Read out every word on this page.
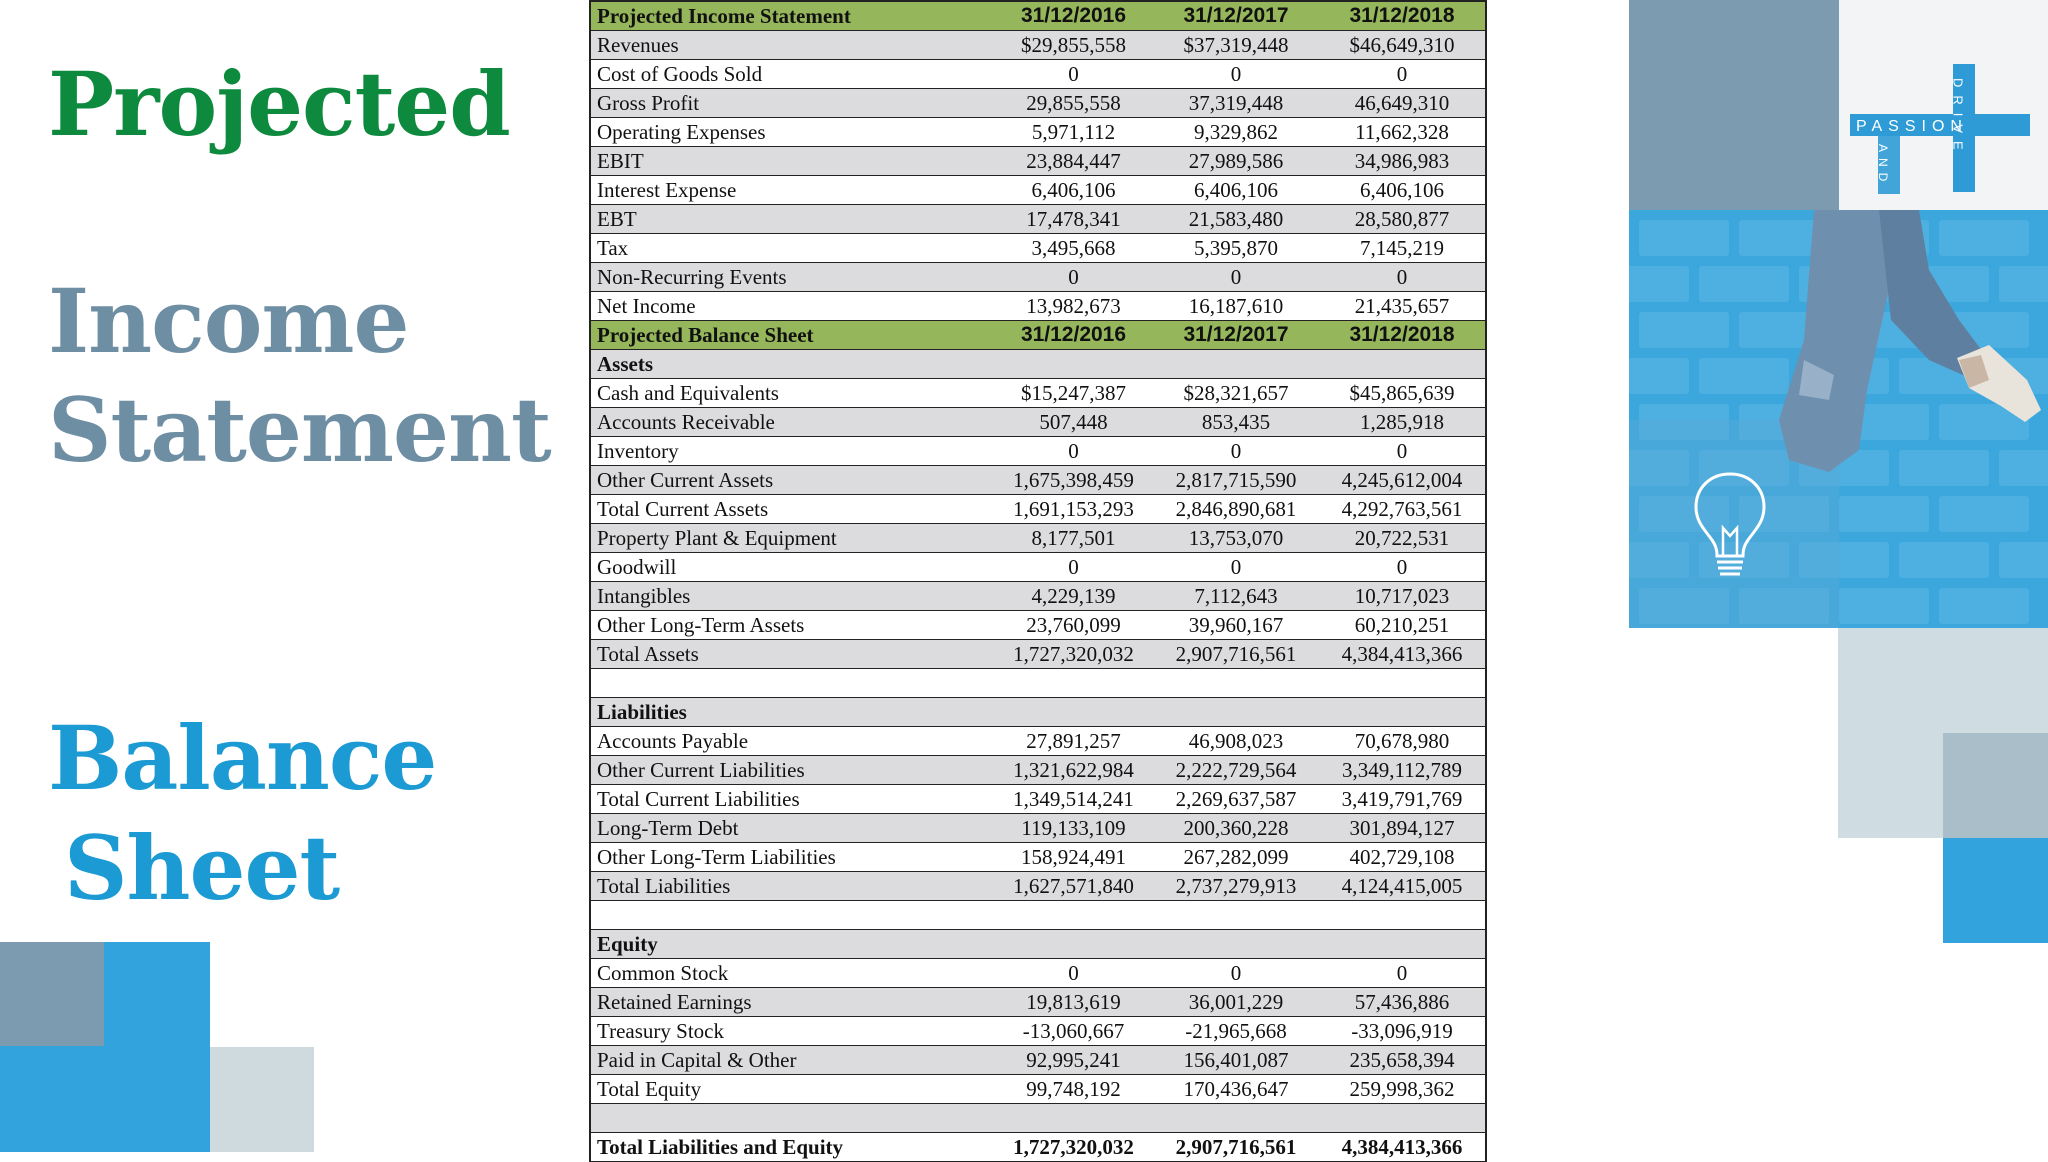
Projected
Income
Statement
Balance
Sheet
PASSION
DRIVE
AND
Projected Income Statement	31/12/2016	31/12/2017	31/12/2018
Revenues	$29,855,558	$37,319,448	$46,649,310
Cost of Goods Sold	0	0	0
Gross Profit	29,855,558	37,319,448	46,649,310
Operating Expenses	5,971,112	9,329,862	11,662,328
EBIT	23,884,447	27,989,586	34,986,983
Interest Expense	6,406,106	6,406,106	6,406,106
EBT	17,478,341	21,583,480	28,580,877
Tax	3,495,668	5,395,870	7,145,219
Non-Recurring Events	0	0	0
Net Income	13,982,673	16,187,610	21,435,657
Projected Balance Sheet	31/12/2016	31/12/2017	31/12/2018
Assets			
Cash and Equivalents	$15,247,387	$28,321,657	$45,865,639
Accounts Receivable	507,448	853,435	1,285,918
Inventory	0	0	0
Other Current Assets	1,675,398,459	2,817,715,590	4,245,612,004
Total Current Assets	1,691,153,293	2,846,890,681	4,292,763,561
Property Plant & Equipment	8,177,501	13,753,070	20,722,531
Goodwill	0	0	0
Intangibles	4,229,139	7,112,643	10,717,023
Other Long-Term Assets	23,760,099	39,960,167	60,210,251
Total Assets	1,727,320,032	2,907,716,561	4,384,413,366

Liabilities			
Accounts Payable	27,891,257	46,908,023	70,678,980
Other Current Liabilities	1,321,622,984	2,222,729,564	3,349,112,789
Total Current Liabilities	1,349,514,241	2,269,637,587	3,419,791,769
Long-Term Debt	119,133,109	200,360,228	301,894,127
Other Long-Term Liabilities	158,924,491	267,282,099	402,729,108
Total Liabilities	1,627,571,840	2,737,279,913	4,124,415,005

Equity			
Common Stock	0	0	0
Retained Earnings	19,813,619	36,001,229	57,436,886
Treasury Stock	-13,060,667	-21,965,668	-33,096,919
Paid in Capital & Other	92,995,241	156,401,087	235,658,394
Total Equity	99,748,192	170,436,647	259,998,362

Total Liabilities and Equity	1,727,320,032	2,907,716,561	4,384,413,366
